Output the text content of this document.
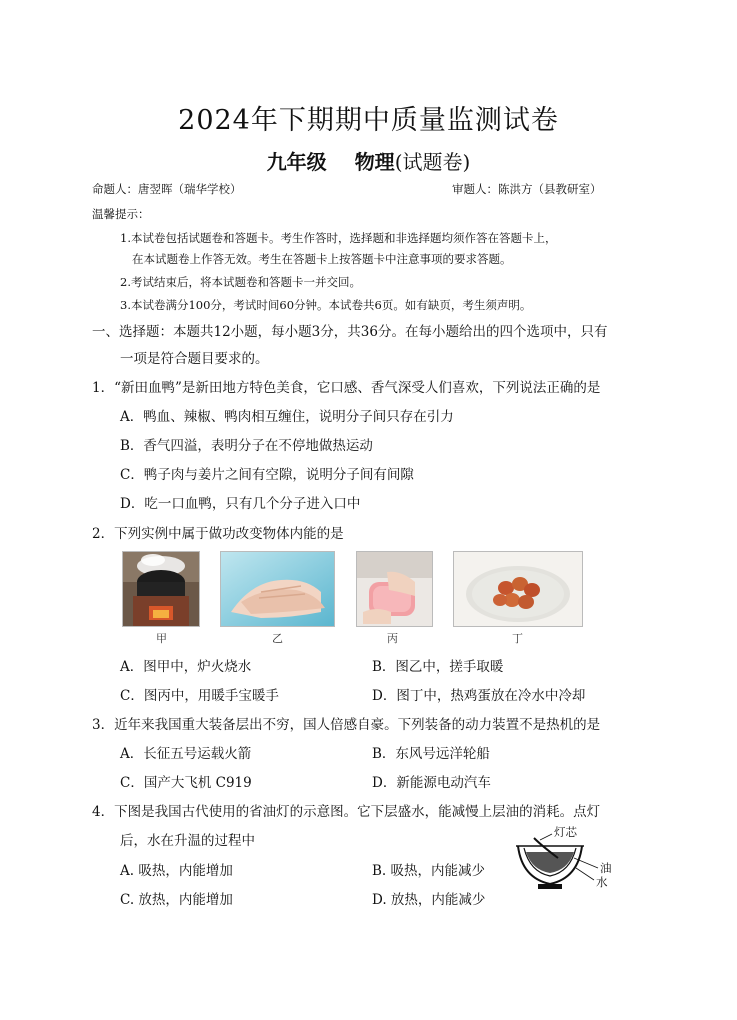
2024年下期期中质量监测试卷
九年级 物理(试题卷)
命题人：唐翌晖（瑞华学校）	审题人：陈洪方（县教研室）
温馨提示：
1.本试卷包括试题卷和答题卡。考生作答时，选择题和非选择题均须作答在答题卡上，
在本试题卷上作答无效。考生在答题卡上按答题卡中注意事项的要求答题。
2.考试结束后，将本试题卷和答题卡一并交回。
3.本试卷满分100分，考试时间60分钟。本试卷共6页。如有缺页，考生须声明。
一、选择题：本题共12小题，每小题3分，共36分。在每小题给出的四个选项中，只有
一项是符合题目要求的。
1．“新田血鸭”是新田地方特色美食，它口感、香气深受人们喜欢，下列说法正确的是
A．鸭血、辣椒、鸭肉相互缠住，说明分子间只存在引力
B．香气四溢，表明分子在不停地做热运动
C．鸭子肉与姜片之间有空隙，说明分子间有间隙
D．吃一口血鸭，只有几个分子进入口中
2．下列实例中属于做功改变物体内能的是
甲	乙	丙	丁
A．图甲中，炉火烧水	B．图乙中，搓手取暖
C．图丙中，用暖手宝暖手	D．图丁中，热鸡蛋放在冷水中冷却
3．近年来我国重大装备层出不穷，国人倍感自豪。下列装备的动力装置不是热机的是
A．长征五号运载火箭	B．东风号远洋轮船
C．国产大飞机 C919	D．新能源电动汽车
4．下图是我国古代使用的省油灯的示意图。它下层盛水，能减慢上层油的消耗。点灯
后，水在升温的过程中
A. 吸热，内能增加	B. 吸热，内能减少
C. 放热，内能增加	D. 放热，内能减少
灯芯
油
水
